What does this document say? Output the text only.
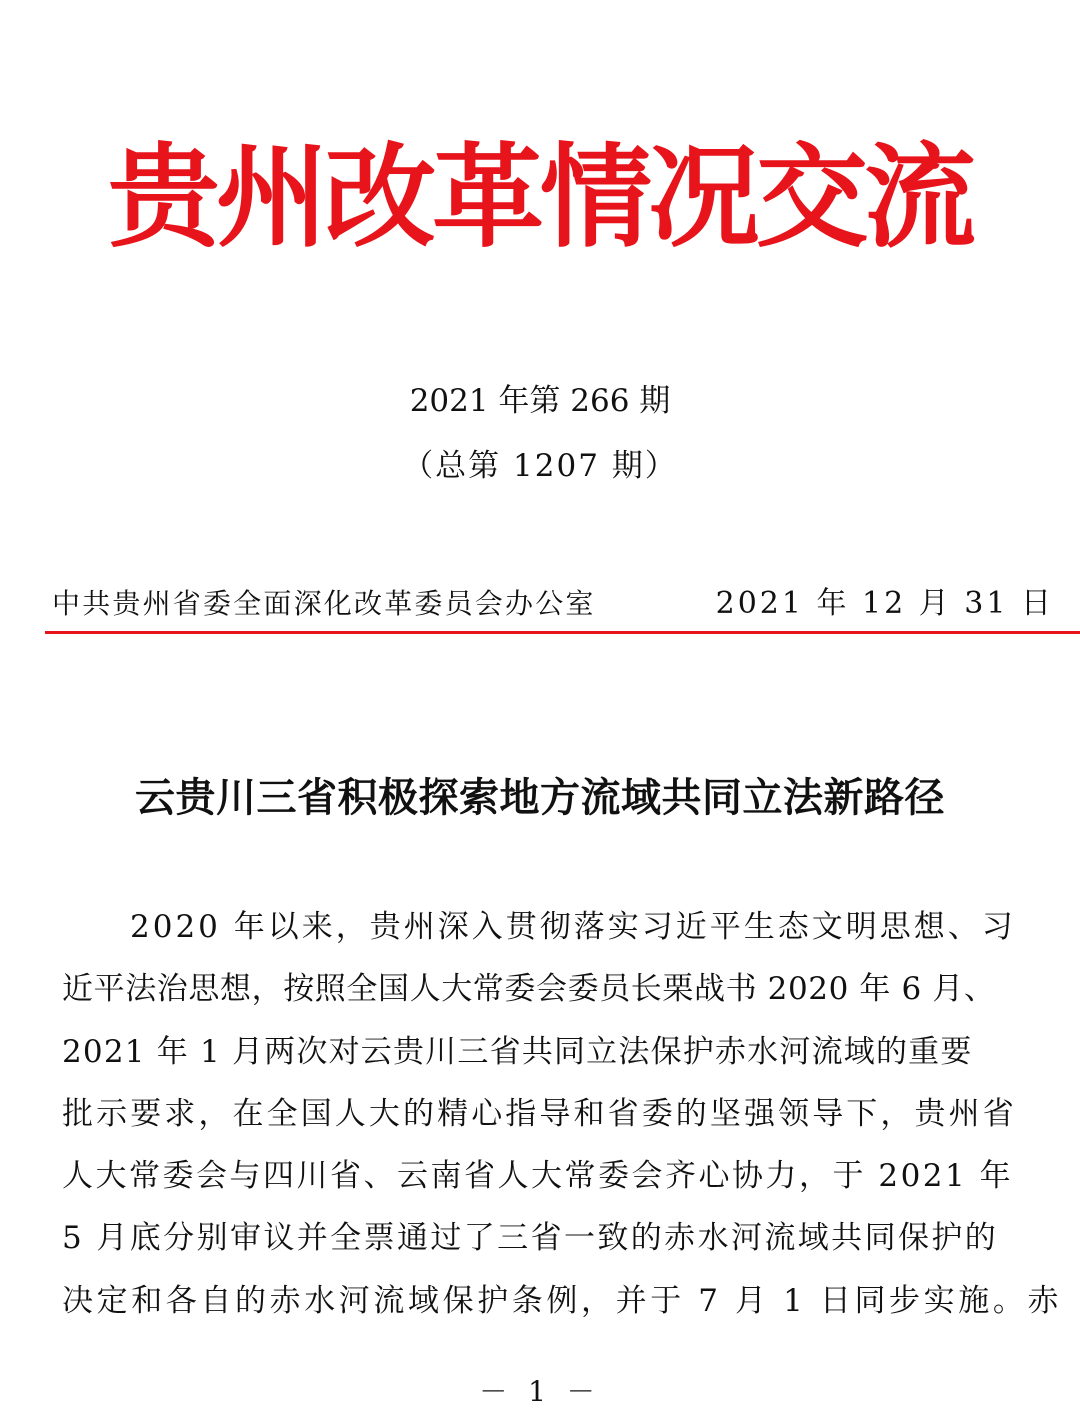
贵州改革情况交流
2021 年第 266 期
（总第 1207 期）
中共贵州省委全面深化改革委员会办公室	2021 年 12 月 31 日
云贵川三省积极探索地方流域共同立法新路径
2020 年以来，贵州深入贯彻落实习近平生态文明思想、习
近平法治思想，按照全国人大常委会委员长栗战书 2020 年 6 月、
2021 年 1 月两次对云贵川三省共同立法保护赤水河流域的重要
批示要求，在全国人大的精心指导和省委的坚强领导下，贵州省
人大常委会与四川省、云南省人大常委会齐心协力，于 2021 年
5 月底分别审议并全票通过了三省一致的赤水河流域共同保护的
决定和各自的赤水河流域保护条例，并于 7 月 1 日同步实施。赤
－ 1 －
